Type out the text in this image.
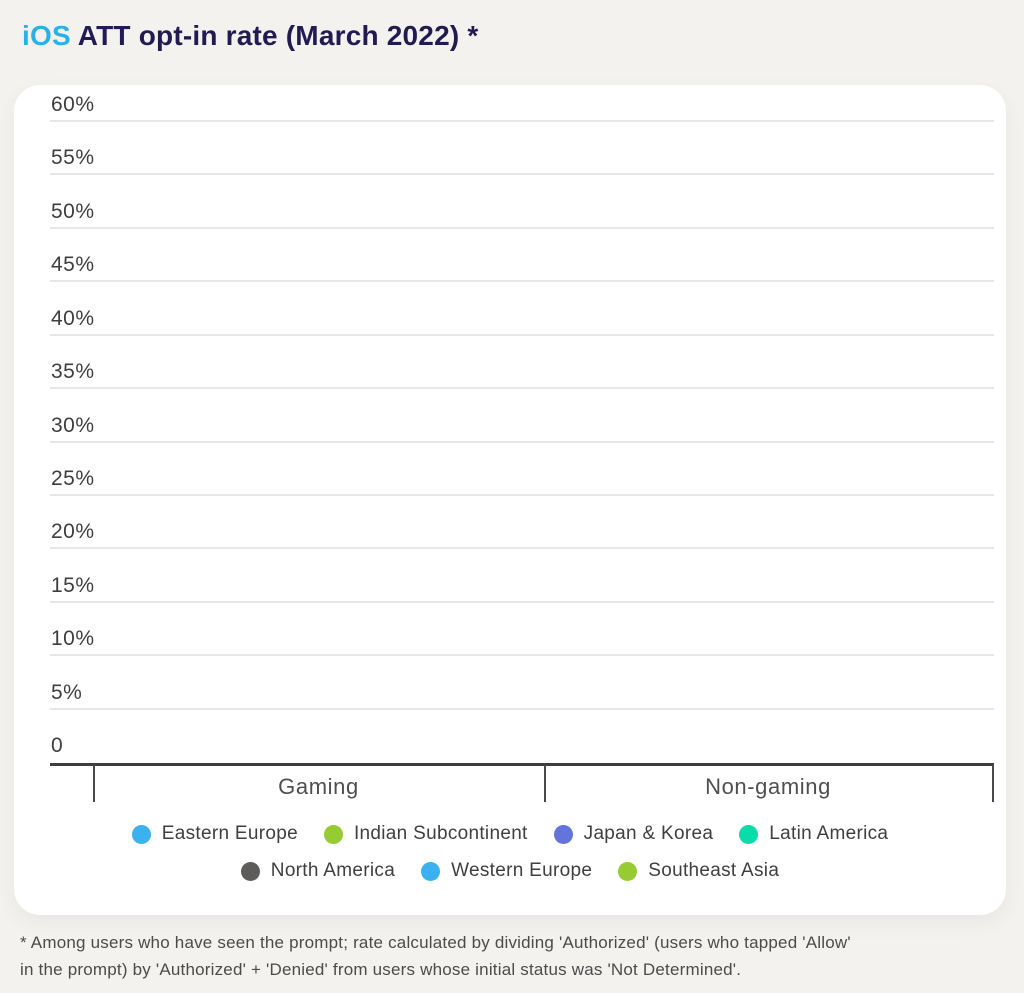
iOS ATT opt-in rate (March 2022) *
0
5%
10%
15%
20%
25%
30%
35%
40%
45%
50%
55%
60%
Gaming	Non-gaming
Eastern Europe	Indian Subcontinent	Japan & Korea	Latin America
North America	Western Europe	Southeast Asia
* Among users who have seen the prompt; rate calculated by dividing 'Authorized' (users who tapped 'Allow'
in the prompt) by 'Authorized' + 'Denied' from users whose initial status was 'Not Determined'.
